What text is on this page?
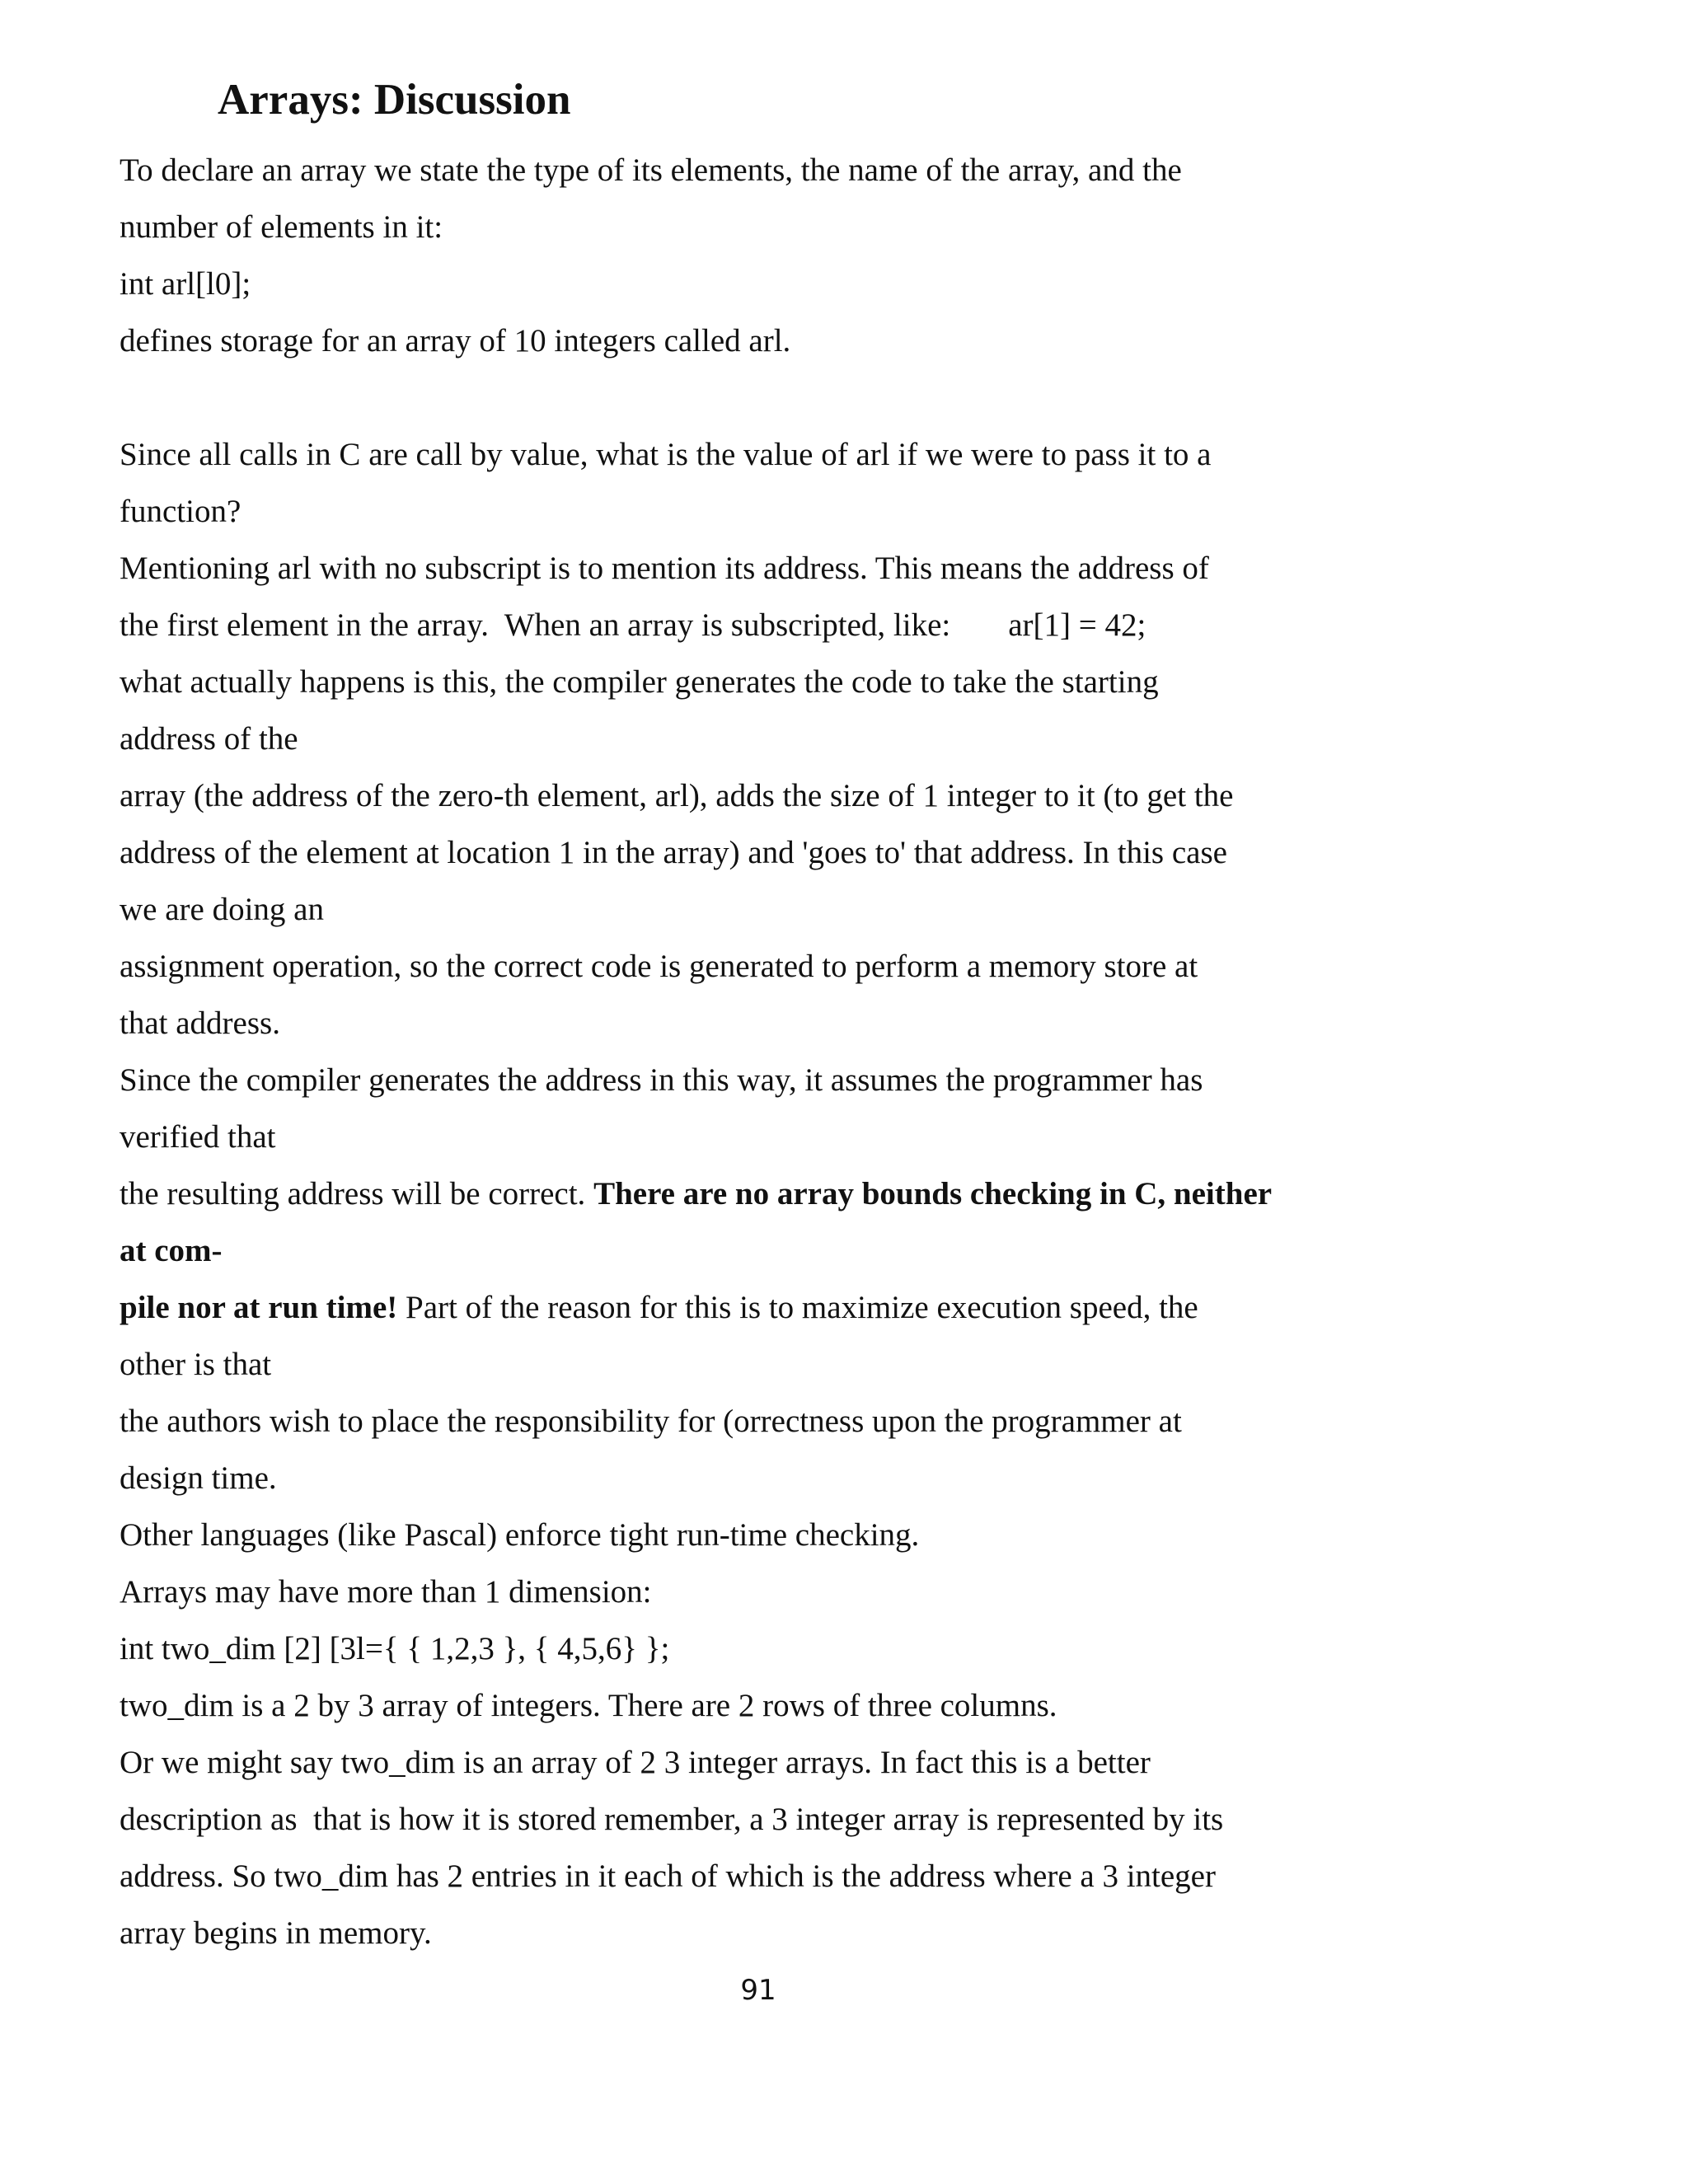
Arrays: Discussion
To declare an array we state the type of its elements, the name of the array, and the
number of elements in it:
int arl[l0];
defines storage for an array of 10 integers called arl.
Since all calls in C are call by value, what is the value of arl if we were to pass it to a
function?
Mentioning arl with no subscript is to mention its address. This means the address of
the first element in the array.  When an array is subscripted, like: ar[1] = 42;
what actually happens is this, the compiler generates the code to take the starting
address of the
array (the address of the zero-th element, arl), adds the size of 1 integer to it (to get the
address of the element at location 1 in the array) and 'goes to' that address. In this case
we are doing an
assignment operation, so the correct code is generated to perform a memory store at
that address.
Since the compiler generates the address in this way, it assumes the programmer has
verified that
the resulting address will be correct. There are no array bounds checking in C, neither
at com-
pile nor at run time! Part of the reason for this is to maximize execution speed, the
other is that
the authors wish to place the responsibility for (orrectness upon the programmer at
design time.
Other languages (like Pascal) enforce tight run-time checking.
Arrays may have more than 1 dimension:
int two_dim [2] [3l={ { 1,2,3 }, { 4,5,6} };
two_dim is a 2 by 3 array of integers. There are 2 rows of three columns.
Or we might say two_dim is an array of 2 3 integer arrays. In fact this is a better
description as  that is how it is stored remember, a 3 integer array is represented by its
address. So two_dim has 2 entries in it each of which is the address where a 3 integer
array begins in memory.
91
